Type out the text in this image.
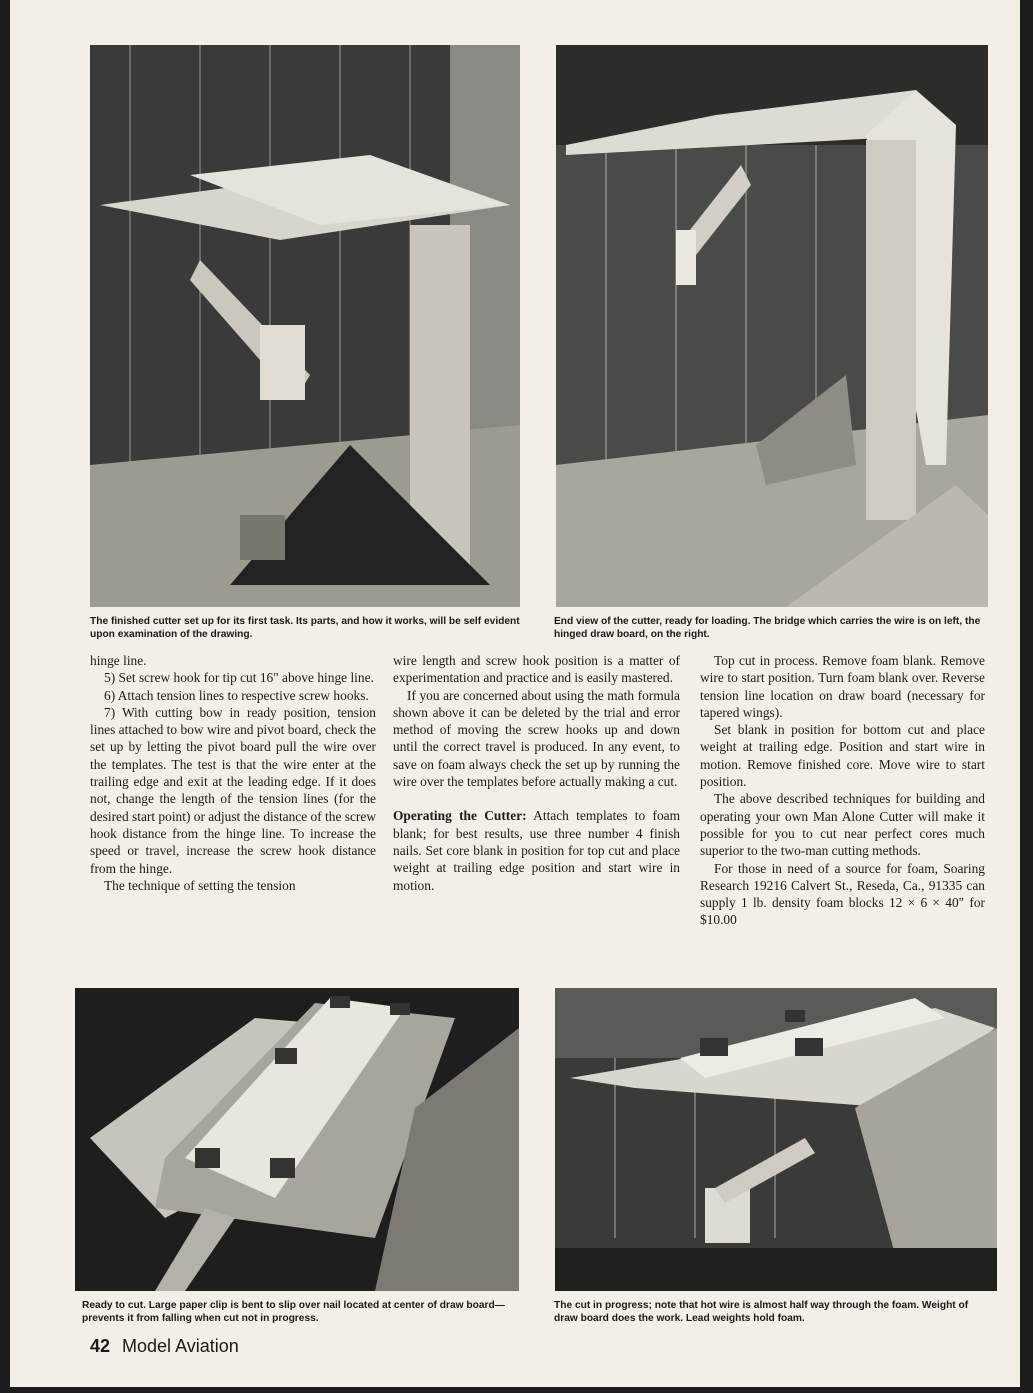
The finished cutter set up for its first task. Its parts, and how it works, will be self evident upon examination of the drawing.
End view of the cutter, ready for loading. The bridge which carries the wire is on left, the hinged draw board, on the right.

hinge line.

5) Set screw hook for tip cut 16" above hinge line.

6) Attach tension lines to respective screw hooks.

7) With cutting bow in ready position, tension lines attached to bow wire and pivot board, check the set up by letting the pivot board pull the wire over the templates. The test is that the wire enter at the trailing edge and exit at the leading edge. If it does not, change the length of the tension lines (for the desired start point) or adjust the distance of the screw hook distance from the hinge line. To increase the speed or travel, increase the screw hook distance from the hinge.

The technique of setting the tension

wire length and screw hook position is a matter of experimentation and practice and is easily mastered.

If you are concerned about using the math formula shown above it can be deleted by the trial and error method of moving the screw hooks up and down until the correct travel is produced. In any event, to save on foam always check the set up by running the wire over the templates before actually making a cut.

Operating the Cutter: Attach templates to foam blank; for best results, use three number 4 finish nails. Set core blank in position for top cut and place weight at trailing edge position and start wire in motion.

Top cut in process. Remove foam blank. Remove wire to start position. Turn foam blank over. Reverse tension line location on draw board (necessary for tapered wings).

Set blank in position for bottom cut and place weight at trailing edge. Position and start wire in motion. Remove finished core. Move wire to start position.

The above described techniques for building and operating your own Man Alone Cutter will make it possible for you to cut near perfect cores much superior to the two-man cutting methods.

For those in need of a source for foam, Soaring Research 19216 Calvert St., Reseda, Ca., 91335 can supply 1 lb. density foam blocks 12 × 6 × 40" for $10.00

Ready to cut. Large paper clip is bent to slip over nail located at center of draw board—prevents it from falling when cut not in progress.
The cut in progress; note that hot wire is almost half way through the foam. Weight of draw board does the work. Lead weights hold foam.
42 Model Aviation
